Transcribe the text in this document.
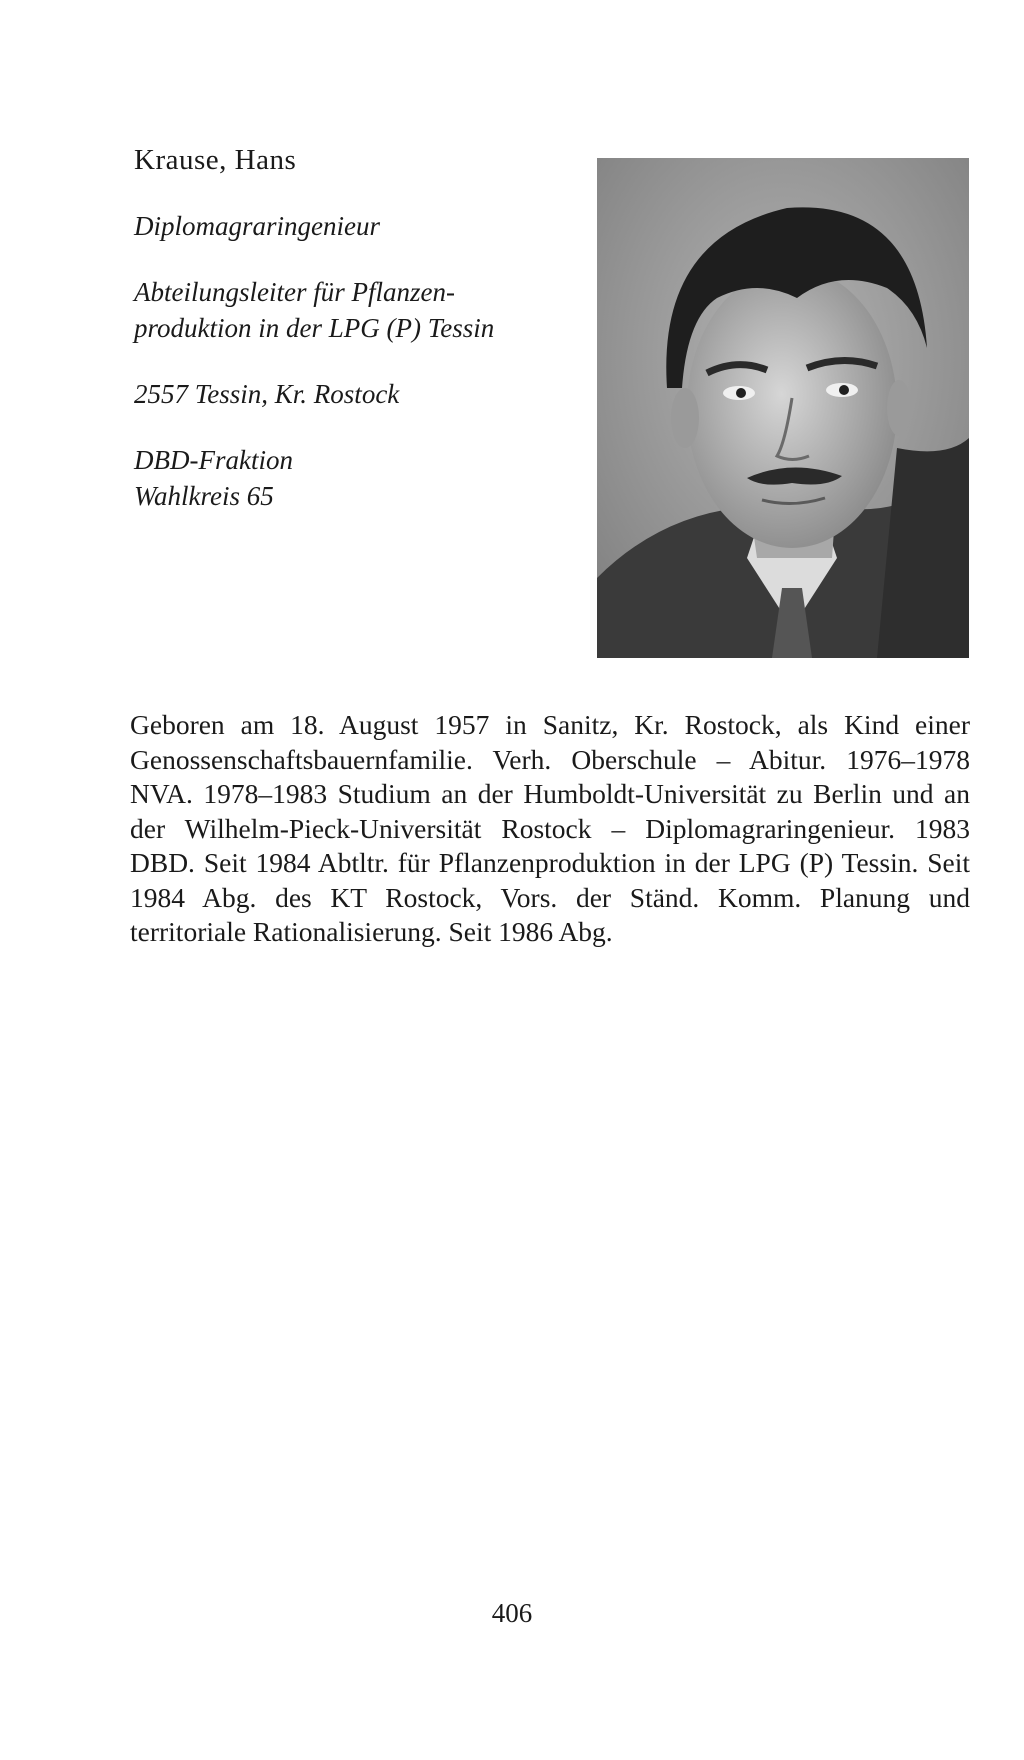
Krause, Hans

Diplomagraringenieur

Abteilungsleiter für Pflanzen-
produktion in der LPG (P) Tessin

2557 Tessin, Kr. Rostock

DBD-Fraktion
Wahlkreis 65

Geboren am 18. August 1957 in Sanitz, Kr. Rostock, als Kind einer Genossenschaftsbauernfamilie. Verh. Oberschule – Abitur. 1976–1978 NVA. 1978–1983 Studium an der Humboldt-Universität zu Berlin und an der Wilhelm-Pieck-Universität Rostock – Diplomagraringenieur. 1983 DBD. Seit 1984 Abtltr. für Pflanzenproduktion in der LPG (P) Tessin. Seit 1984 Abg. des KT Rostock, Vors. der Ständ. Komm. Planung und territoriale Rationalisierung. Seit 1986 Abg.

406
